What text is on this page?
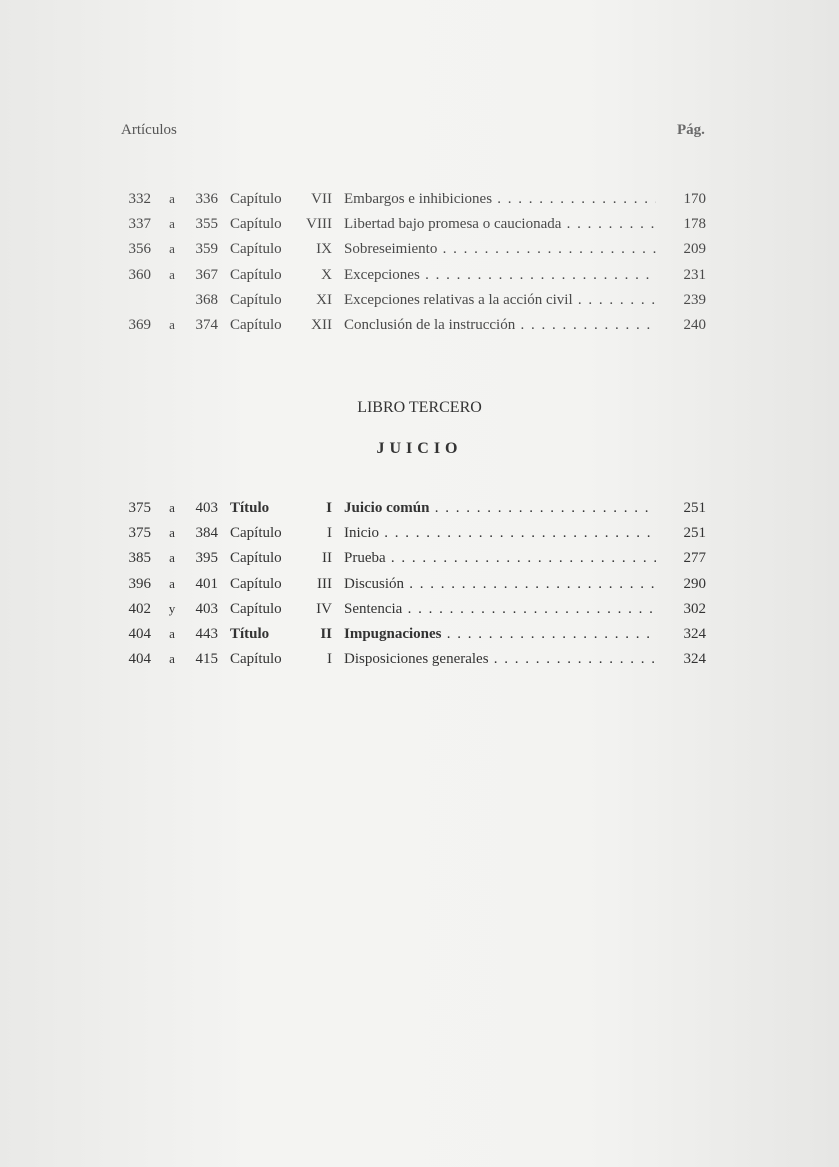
Artículos	Pág.
332 a	336 Capítulo	VII Embargos e inhibiciones . . .	170
337 a	355 Capítulo	VIII Libertad bajo promesa o caucionada . . .	178
356 a	359 Capítulo	IX Sobreseimiento . . .	209
360 a	367 Capítulo	X Excepciones . . .	231
368 Capítulo	XI Excepciones relativas a la acción civil . . .	239
369 a	374 Capítulo	XII Conclusión de la instrucción . . .	240
LIBRO TERCERO
JUICIO
375 a	403 Título	I Juicio común . . .	251
375 a	384 Capítulo	I Inicio . . .	251
385 a	395 Capítulo	II Prueba . . .	277
396 a	401 Capítulo	III Discusión . . .	290
402 y	403 Capítulo	IV Sentencia . . .	302
404 a	443 Título	II Impugnaciones . . .	324
404 a	415 Capítulo	I Disposiciones generales . . .	324
